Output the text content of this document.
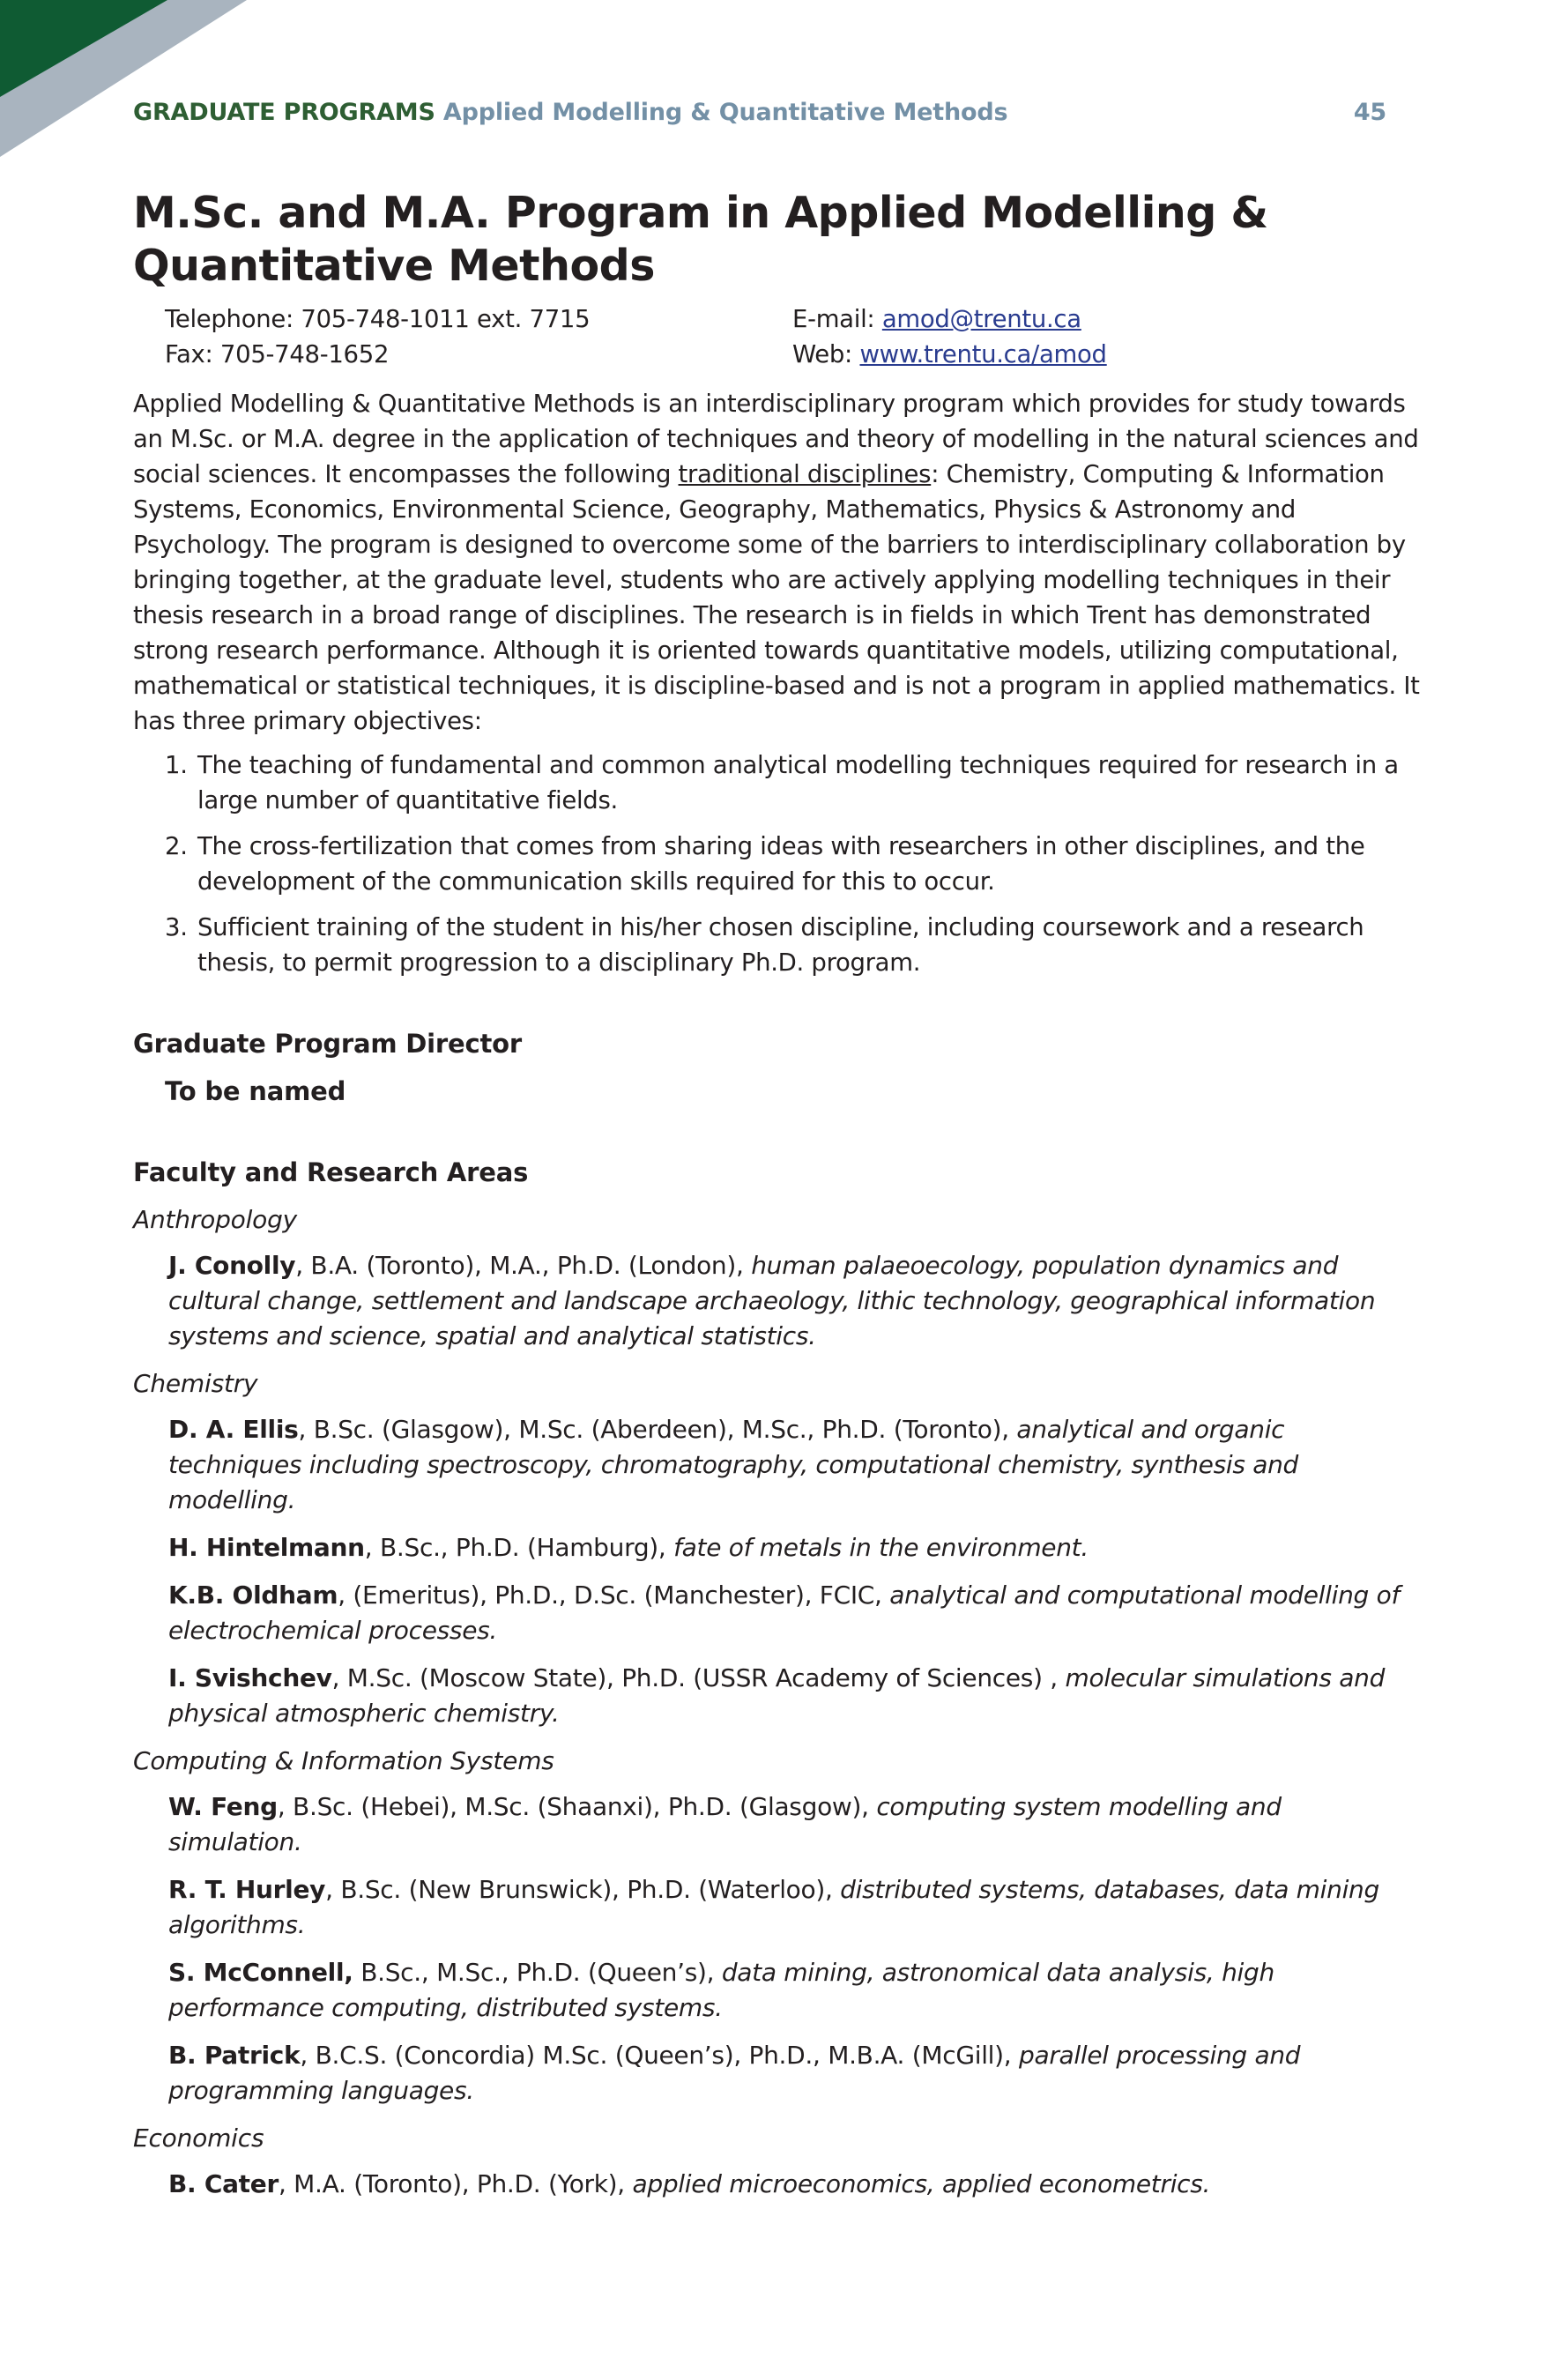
GRADUATE PROGRAMS Applied Modelling & Quantitative Methods	45
M.Sc. and M.A. Program in Applied Modelling & Quantitative Methods
Telephone: 705-748-1011 ext. 7715	E-mail: amod@trentu.ca
Fax: 705-748-1652	Web: www.trentu.ca/amod

Applied Modelling & Quantitative Methods is an interdisciplinary program which provides for study towards an M.Sc. or M.A. degree in the application of techniques and theory of modelling in the natural sciences and social sciences. It encompasses the following traditional disciplines: Chemistry, Computing & Information Systems, Economics, Environmental Science, Geography, Mathematics, Physics & Astronomy and Psychology. The program is designed to overcome some of the barriers to interdisciplinary collaboration by bringing together, at the graduate level, students who are actively applying modelling techniques in their thesis research in a broad range of disciplines. The research is in fields in which Trent has demonstrated strong research performance. Although it is oriented towards quantitative models, utilizing computational, mathematical or statistical techniques, it is discipline-based and is not a program in applied mathematics. It has three primary objectives:

1. The teaching of fundamental and common analytical modelling techniques required for research in a large number of quantitative fields.
2. The cross-fertilization that comes from sharing ideas with researchers in other disciplines, and the development of the communication skills required for this to occur.
3. Sufficient training of the student in his/her chosen discipline, including coursework and a research thesis, to permit progression to a disciplinary Ph.D. program.
Graduate Program Director
To be named
Faculty and Research Areas
Anthropology
J. Conolly, B.A. (Toronto), M.A., Ph.D. (London), human palaeoecology, population dynamics and cultural change, settlement and landscape archaeology, lithic technology, geographical information systems and science, spatial and analytical statistics.
Chemistry
D. A. Ellis, B.Sc. (Glasgow), M.Sc. (Aberdeen), M.Sc., Ph.D. (Toronto), analytical and organic techniques including spectroscopy, chromatography, computational chemistry, synthesis and modelling.
H. Hintelmann, B.Sc., Ph.D. (Hamburg), fate of metals in the environment.
K.B. Oldham, (Emeritus), Ph.D., D.Sc. (Manchester), FCIC, analytical and computational modelling of electrochemical processes.
I. Svishchev, M.Sc. (Moscow State), Ph.D. (USSR Academy of Sciences) , molecular simulations and physical atmospheric chemistry.
Computing & Information Systems
W. Feng, B.Sc. (Hebei), M.Sc. (Shaanxi), Ph.D. (Glasgow), computing system modelling and simulation.
R. T. Hurley, B.Sc. (New Brunswick), Ph.D. (Waterloo), distributed systems, databases, data mining algorithms.
S. McConnell, B.Sc., M.Sc., Ph.D. (Queen’s), data mining, astronomical data analysis, high performance computing, distributed systems.
B. Patrick, B.C.S. (Concordia) M.Sc. (Queen’s), Ph.D., M.B.A. (McGill), parallel processing and programming languages.
Economics
B. Cater, M.A. (Toronto), Ph.D. (York), applied microeconomics, applied econometrics.
